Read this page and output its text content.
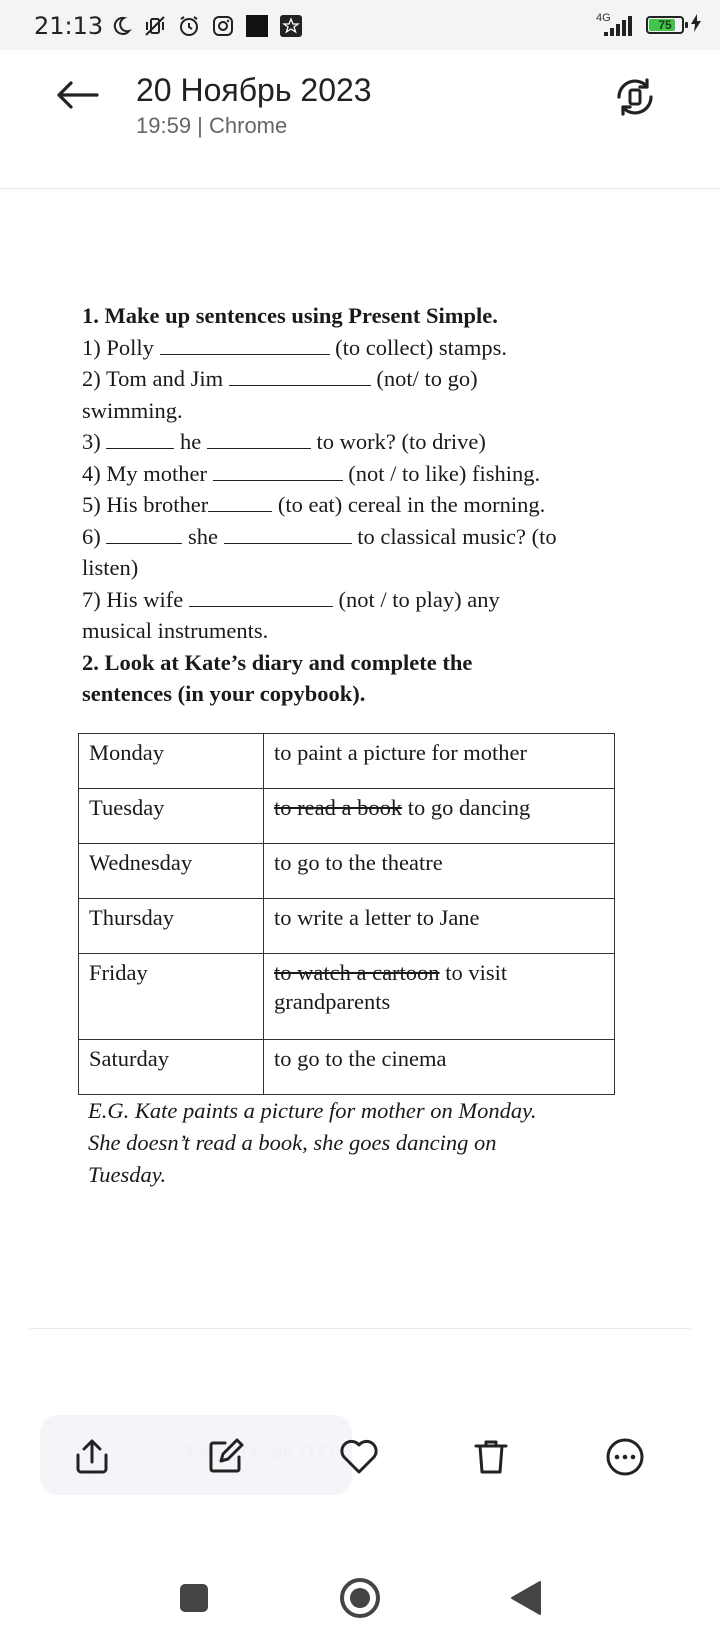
21:13	4G	75
20 Ноябрь 2023
19:59 | Chrome
1. Make up sentences using Present Simple.
1) Polly	(to collect) stamps.
2) Tom and Jim	(not/ to go)
swimming.
3)	he	to work? (to drive)
4) My mother	(not / to like) fishing.
5) His brother	(to eat) cereal in the morning.
6)	she	to classical music? (to
listen)
7) His wife	(not / to play) any
musical instruments.
2. Look at Kate’s diary and complete the
sentences (in your copybook).
Monday	to paint a picture for mother
Tuesday	to read a book to go dancing
Wednesday	to go to the theatre
Thursday	to write a letter to Jane
Friday	to watch a cartoon to visit grandparents
Saturday	to go to the cinema
E.G. Kate paints a picture for mother on Monday.
She doesn’t read a book, she goes dancing on
Tuesday.
ЗаНЯТЬ ФОТО
